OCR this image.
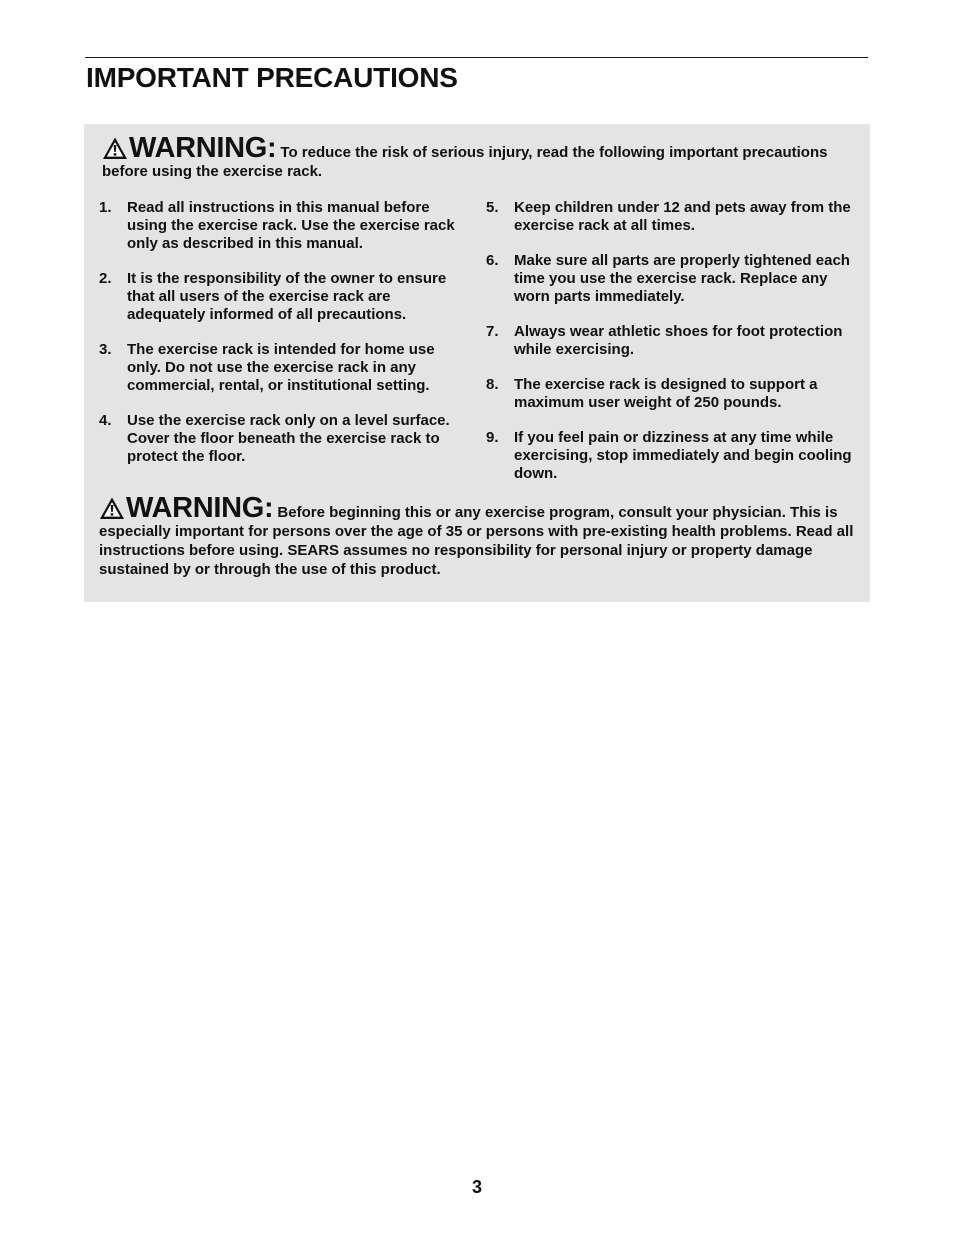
IMPORTANT PRECAUTIONS
WARNING: To reduce the risk of serious injury, read the following important precautions before using the exercise rack.
1. Read all instructions in this manual before using the exercise rack. Use the exercise rack only as described in this manual.
2. It is the responsibility of the owner to ensure that all users of the exercise rack are adequately informed of all precautions.
3. The exercise rack is intended for home use only. Do not use the exercise rack in any commercial, rental, or institutional setting.
4. Use the exercise rack only on a level surface. Cover the floor beneath the exercise rack to protect the floor.
5. Keep children under 12 and pets away from the exercise rack at all times.
6. Make sure all parts are properly tightened each time you use the exercise rack. Replace any worn parts immediately.
7. Always wear athletic shoes for foot protection while exercising.
8. The exercise rack is designed to support a maximum user weight of 250 pounds.
9. If you feel pain or dizziness at any time while exercising, stop immediately and begin cooling down.
WARNING: Before beginning this or any exercise program, consult your physician. This is especially important for persons over the age of 35 or persons with pre-existing health problems. Read all instructions before using. SEARS assumes no responsibility for personal injury or property damage sustained by or through the use of this product.
3
